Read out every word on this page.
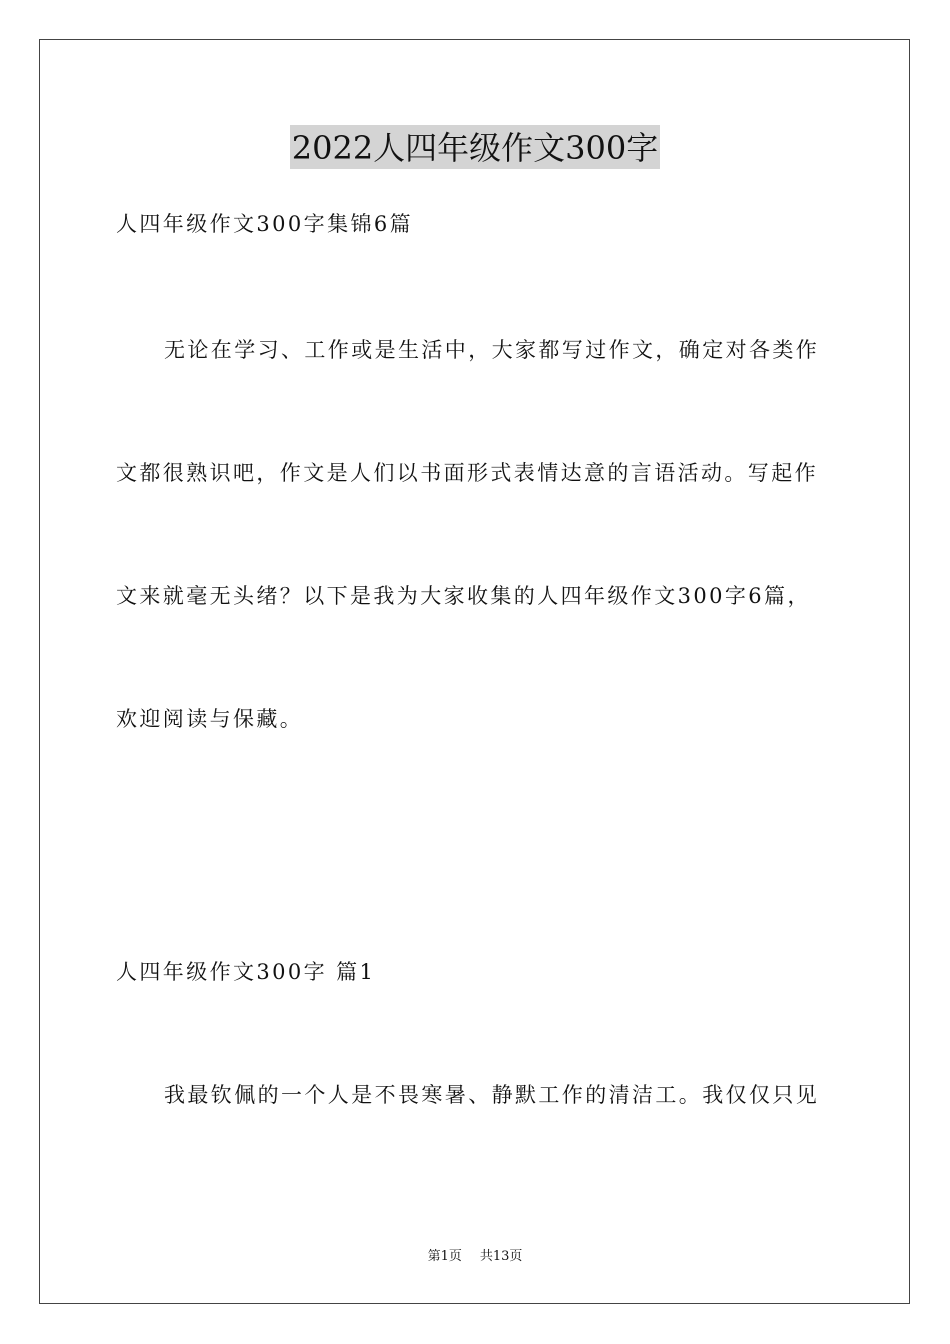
2022人四年级作文300字
人四年级作文300字集锦6篇
无论在学习、工作或是生活中，大家都写过作文，确定对各类作
文都很熟识吧，作文是人们以书面形式表情达意的言语活动。写起作
文来就毫无头绪？以下是我为大家收集的人四年级作文300字6篇，
欢迎阅读与保藏。
人四年级作文300字 篇1
我最钦佩的一个人是不畏寒暑、静默工作的清洁工。我仅仅只见
第1页 共13页
